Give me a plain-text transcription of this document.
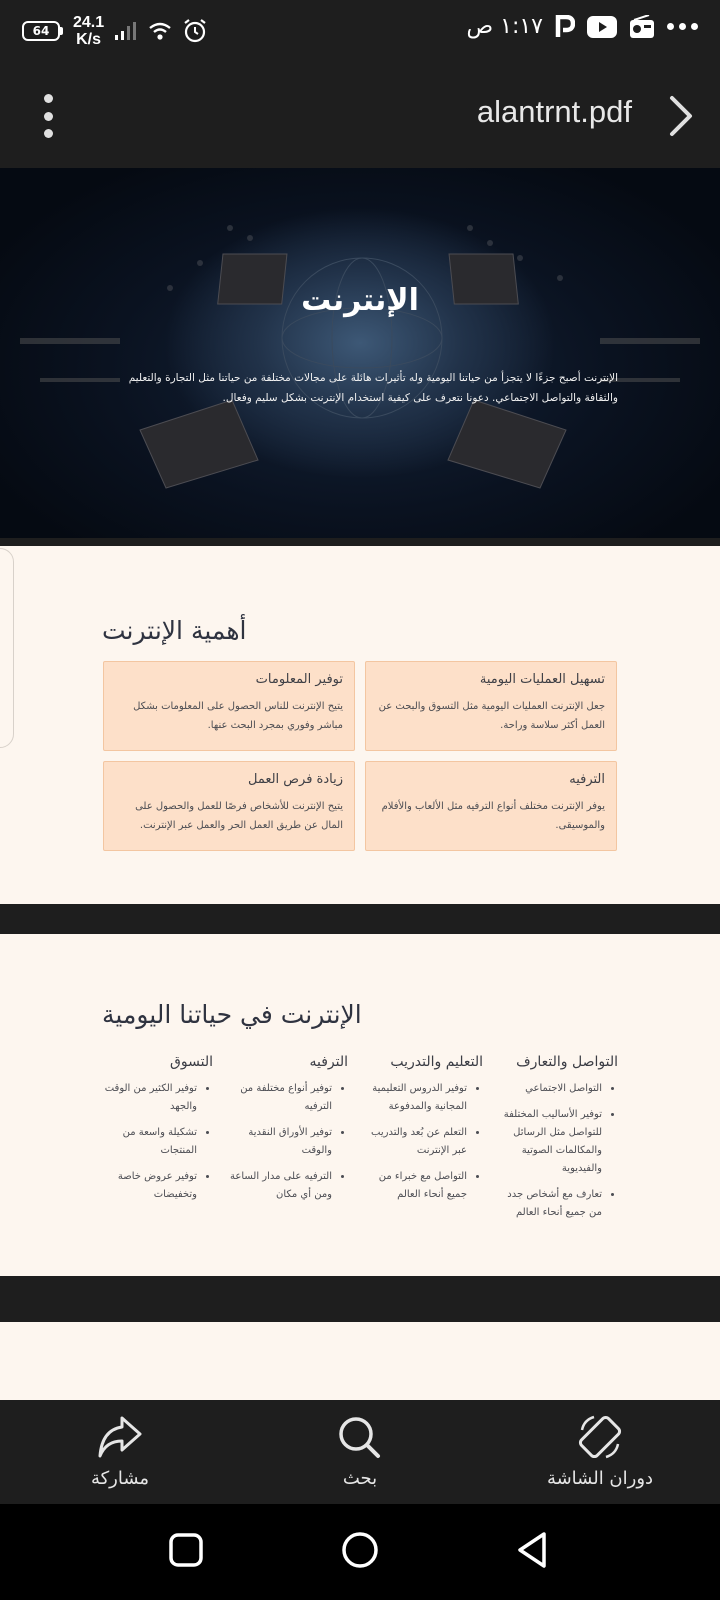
64	24.1
K/s
١:١٧ ص
alantrnt.pdf
الإنترنت
الإنترنت أصبح جزءًا لا يتجزأ من حياتنا اليومية وله تأثيرات هائلة على مجالات مختلفة من حياتنا مثل التجارة والتعليم والثقافة والتواصل الاجتماعي. دعونا نتعرف على كيفية استخدام الإنترنت بشكل سليم وفعال.
أهمية الإنترنت
تسهيل العمليات اليومية
جعل الإنترنت العمليات اليومية مثل التسوق والبحث عن العمل أكثر سلاسة وراحة.
توفير المعلومات
يتيح الإنترنت للناس الحصول على المعلومات بشكل مباشر وفوري بمجرد البحث عنها.
الترفيه
يوفر الإنترنت مختلف أنواع الترفيه مثل الألعاب والأفلام والموسيقى.
زيادة فرص العمل
يتيح الإنترنت للأشخاص فرصًا للعمل والحصول على المال عن طريق العمل الحر والعمل عبر الإنترنت.
الإنترنت في حياتنا اليومية
التواصل والتعارف
• التواصل الاجتماعي
• توفير الأساليب المختلفة للتواصل مثل الرسائل والمكالمات الصوتية والفيديوية
• تعارف مع أشخاص جدد من جميع أنحاء العالم
التعليم والتدريب
• توفير الدروس التعليمية المجانية والمدفوعة
• التعلم عن بُعد والتدريب عبر الإنترنت
• التواصل مع خبراء من جميع أنحاء العالم
الترفيه
• توفير أنواع مختلفة من الترفيه
• توفير الأوراق النقدية والوقت
• الترفيه على مدار الساعة ومن أي مكان
التسوق
• توفير الكثير من الوقت والجهد
• تشكيلة واسعة من المنتجات
• توفير عروض خاصة وتخفيضات
مشاركة	بحث	دوران الشاشة
